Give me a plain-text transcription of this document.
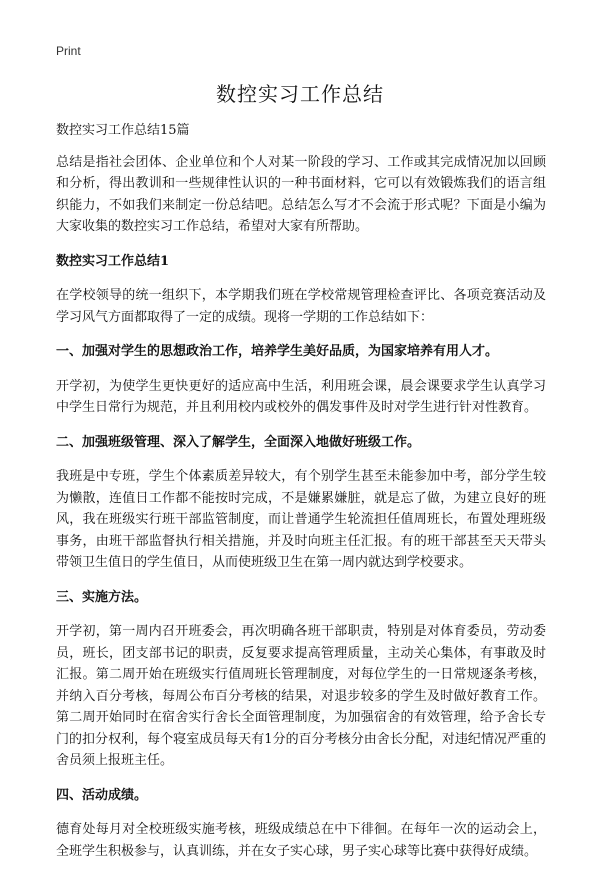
Print
数控实习工作总结

数控实习工作总结15篇

总结是指社会团体、企业单位和个人对某一阶段的学习、工作或其完成情况加以回顾和分析，得出教训和一些规律性认识的一种书面材料，它可以有效锻炼我们的语言组织能力，不如我们来制定一份总结吧。总结怎么写才不会流于形式呢？下面是小编为大家收集的数控实习工作总结，希望对大家有所帮助。

数控实习工作总结1

在学校领导的统一组织下，本学期我们班在学校常规管理检查评比、各项竞赛活动及学习风气方面都取得了一定的成绩。现将一学期的工作总结如下：

一、加强对学生的思想政治工作，培养学生美好品质，为国家培养有用人才。

开学初，为使学生更快更好的适应高中生活，利用班会课，晨会课要求学生认真学习中学生日常行为规范，并且利用校内或校外的偶发事件及时对学生进行针对性教育。

二、加强班级管理、深入了解学生，全面深入地做好班级工作。

我班是中专班，学生个体素质差异较大，有个别学生甚至未能参加中考，部分学生较为懒散，连值日工作都不能按时完成，不是嫌累嫌脏，就是忘了做，为建立良好的班风，我在班级实行班干部监管制度，而让普通学生轮流担任值周班长，布置处理班级事务，由班干部监督执行相关措施，并及时向班主任汇报。有的班干部甚至天天带头带领卫生值日的学生值日，从而使班级卫生在第一周内就达到学校要求。

三、实施方法。

开学初，第一周内召开班委会，再次明确各班干部职责，特别是对体育委员，劳动委员，班长，团支部书记的职责，反复要求提高管理质量，主动关心集体，有事敢及时汇报。第二周开始在班级实行值周班长管理制度，对每位学生的一日常规逐条考核，并纳入百分考核，每周公布百分考核的结果，对退步较多的学生及时做好教育工作。第二周开始同时在宿舍实行舍长全面管理制度，为加强宿舍的有效管理，给予舍长专门的扣分权利，每个寝室成员每天有1分的百分考核分由舍长分配，对违纪情况严重的舍员须上报班主任。

四、活动成绩。

德育处每月对全校班级实施考核，班级成绩总在中下徘徊。在每年一次的运动会上，全班学生积极参与，认真训练，并在女子实心球，男子实心球等比赛中获得好成绩。
